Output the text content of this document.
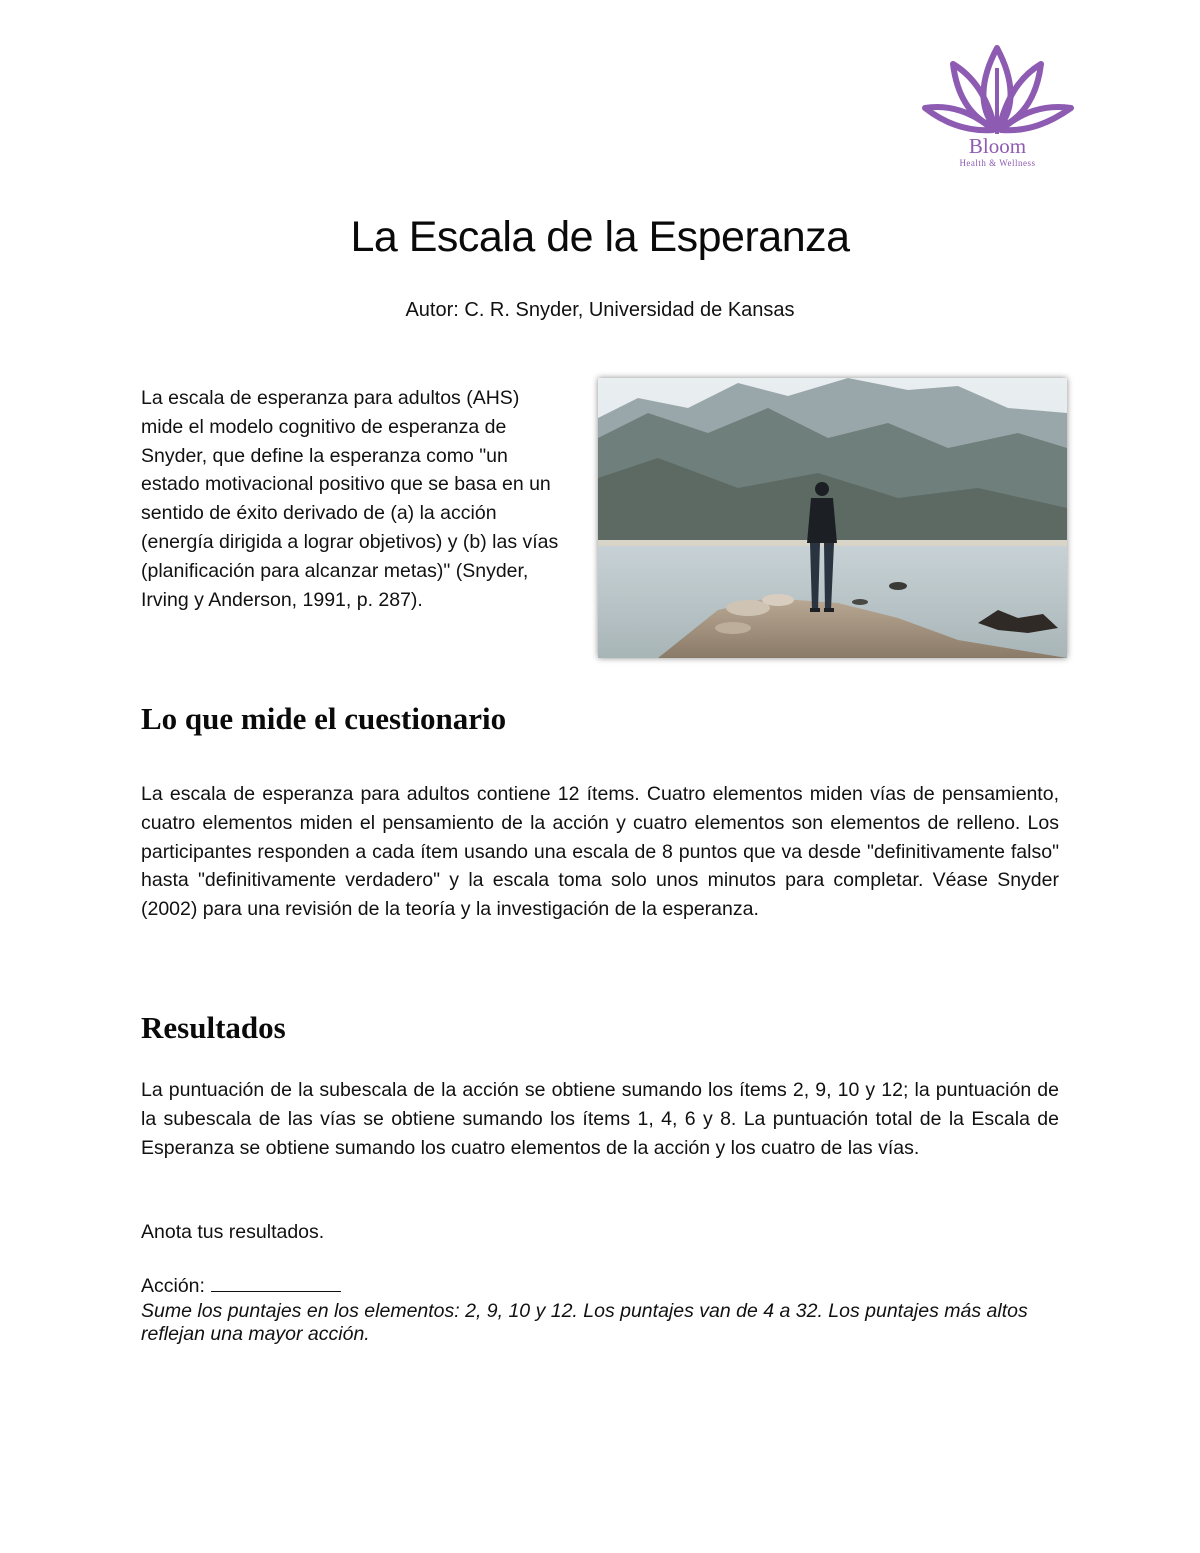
Bloom
Health & Wellness
La Escala de la Esperanza
Autor: C. R. Snyder, Universidad de Kansas

La escala de esperanza para adultos (AHS) mide el modelo cognitivo de esperanza de Snyder, que define la esperanza como "un estado motivacional positivo que se basa en un sentido de éxito derivado de (a) la acción (energía dirigida a lograr objetivos) y (b) las vías (planificación para alcanzar metas)" (Snyder, Irving y Anderson, 1991, p. 287).

Lo que mide el cuestionario

La escala de esperanza para adultos contiene 12 ítems. Cuatro elementos miden vías de pensamiento, cuatro elementos miden el pensamiento de la acción y cuatro elementos son elementos de relleno. Los participantes responden a cada ítem usando una escala de 8 puntos que va desde "definitivamente falso" hasta "definitivamente verdadero" y la escala toma solo unos minutos para completar. Véase Snyder (2002) para una revisión de la teoría y la investigación de la esperanza.

Resultados

La puntuación de la subescala de la acción se obtiene sumando los ítems 2, 9, 10 y 12; la puntuación de la subescala de las vías se obtiene sumando los ítems 1, 4, 6 y 8. La puntuación total de la Escala de Esperanza se obtiene sumando los cuatro elementos de la acción y los cuatro de las vías.

Anota tus resultados.

Acción:

Sume los puntajes en los elementos: 2, 9, 10 y 12. Los puntajes van de 4 a 32. Los puntajes más altos reflejan una mayor acción.
